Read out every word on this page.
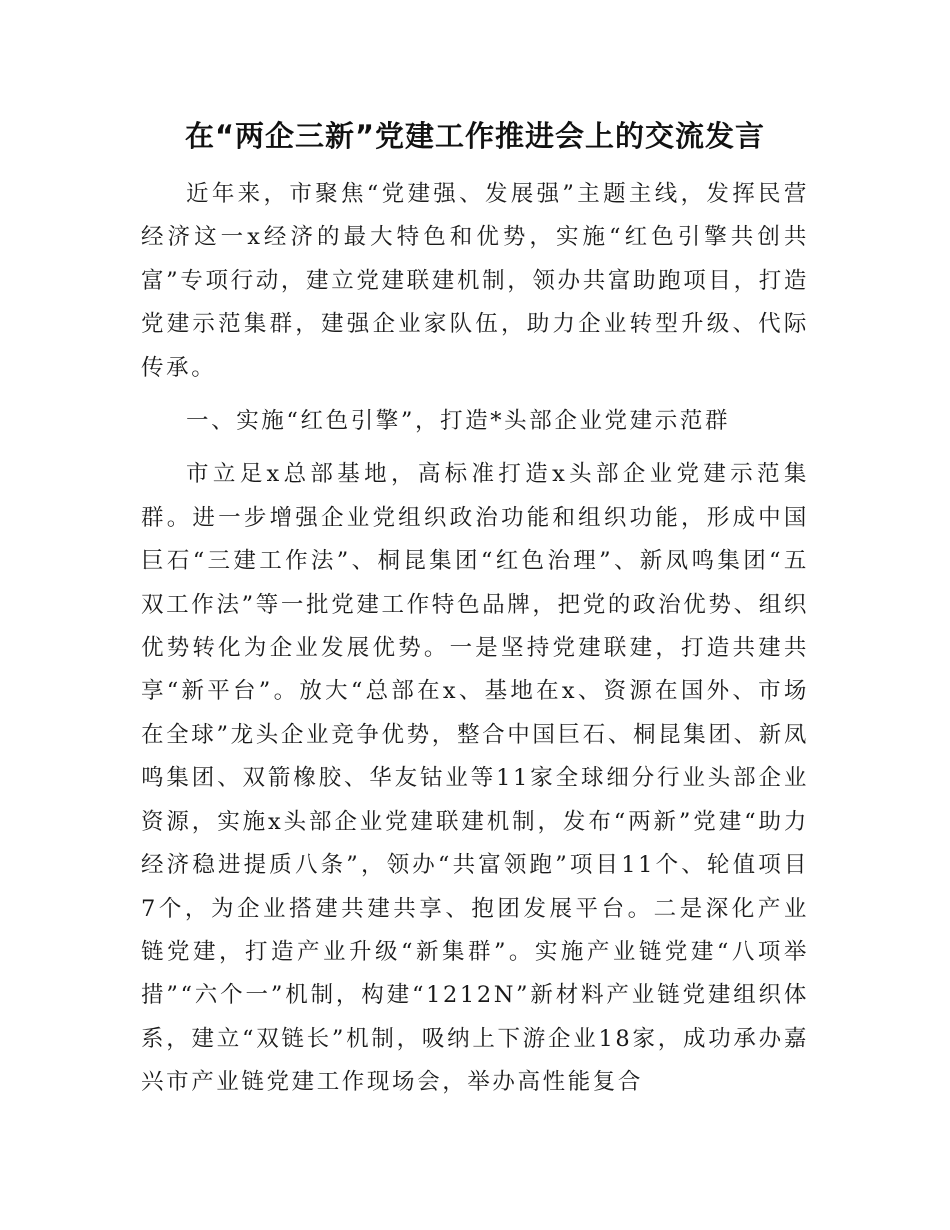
在“两企三新”党建工作推进会上的交流发言

近年来，市聚焦“党建强、发展强”主题主线，发挥民营经济这一x经济的最大特色和优势，实施“红色引擎共创共富”专项行动，建立党建联建机制，领办共富助跑项目，打造党建示范集群，建强企业家队伍，助力企业转型升级、代际传承。

一、实施“红色引擎”，打造*头部企业党建示范群

市立足x总部基地，高标准打造x头部企业党建示范集群。进一步增强企业党组织政治功能和组织功能，形成中国巨石“三建工作法”、桐昆集团“红色治理”、新凤鸣集团“五双工作法”等一批党建工作特色品牌，把党的政治优势、组织优势转化为企业发展优势。一是坚持党建联建，打造共建共享“新平台”。放大“总部在x、基地在x、资源在国外、市场在全球”龙头企业竞争优势，整合中国巨石、桐昆集团、新凤鸣集团、双箭橡胶、华友钴业等11家全球细分行业头部企业资源，实施x头部企业党建联建机制，发布“两新”党建“助力经济稳进提质八条”，领办“共富领跑”项目11个、轮值项目7个，为企业搭建共建共享、抱团发展平台。二是深化产业链党建，打造产业升级“新集群”。实施产业链党建“八项举措”“六个一”机制，构建“1212N”新材料产业链党建组织体系，建立“双链长”机制，吸纳上下游企业18家，成功承办嘉兴市产业链党建工作现场会，举办高性能复合
